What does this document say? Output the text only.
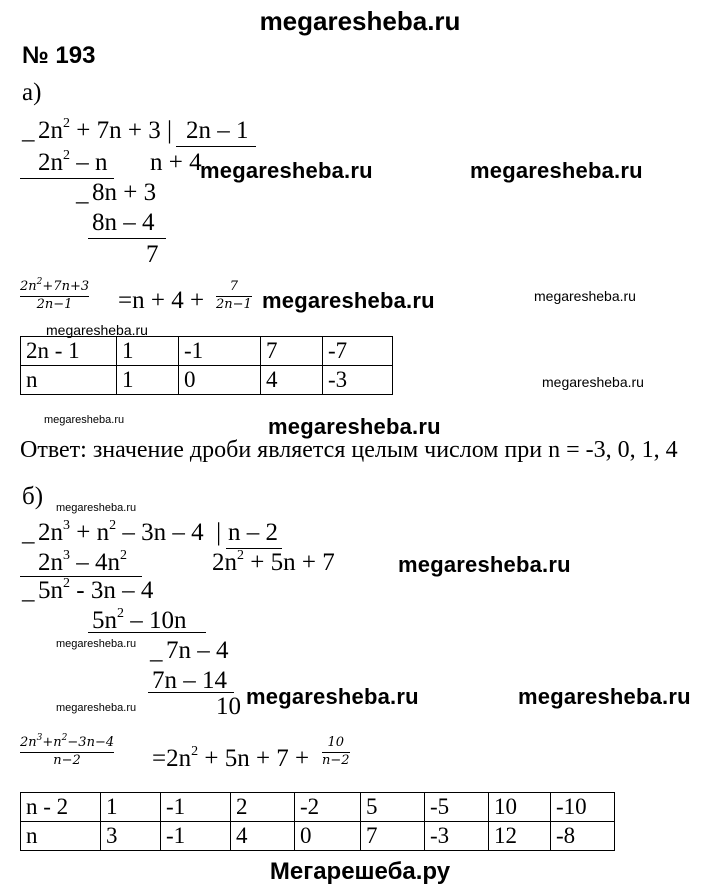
megaresheba.ru
№ 193
а)
_ $2n^2 + 7n + 3$ | 2n – 1
$2n^2$ – n n + 4
_ 8n + 3
8n – 4
7
$2n^2+7n+3$
2n−1 =n + 4 +
7
2n−1
2n - 1	1	-1	7	-7
n	1	0	4	-3
Ответ: значение дроби является целым числом при n = -3, 0, 1, 4
б)
_ $2n^3 + n^2 - 3n - 4$  | n – 2
$2n^3 - 4n^2$	$2n^2 + 5n + 7$
_ $5n^2 - 3n - 4$
$5n^2 - 10n$
_ 7n – 4
7n – 14
10
$2n^3+n^2-3n-4$
n−2	$=2n^2 + 5n + 7$ +
10
n−2
n - 2	1	-1	2	-2	5	-5	10	-10
n	3	-1	4	0	7	-3	12	-8
megaresheba.ru	megaresheba.ru
megaresheba.ru	megaresheba.ru
megaresheba.ru
megaresheba.ru
megaresheba.ru	megaresheba.ru
megaresheba.ru
megaresheba.ru
megaresheba.ru
megaresheba.ru	megaresheba.ru
megaresheba.ru
Мегарешеба.ру
